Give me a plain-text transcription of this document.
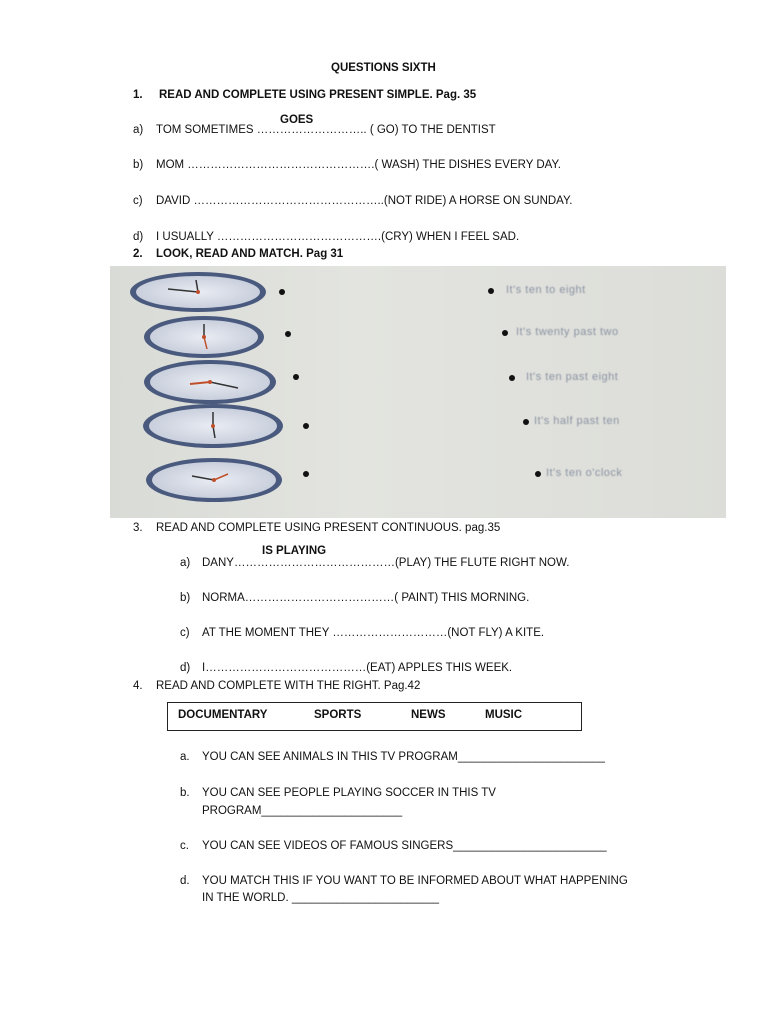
QUESTIONS SIXTH
1. READ AND COMPLETE USING PRESENT SIMPLE. Pag. 35
GOES
a) TOM SOMETIMES ……………………….. ( GO) TO THE DENTIST
b) MOM ………………………………………….( WASH) THE DISHES EVERY DAY.
c) DAVID …………………………………………..(NOT RIDE) A HORSE ON SUNDAY.
d) I USUALLY …………………………………….(CRY) WHEN I FEEL SAD.
2. LOOK, READ AND MATCH. Pag 31
It's ten to eight
It's twenty past two
It's ten past eight
It's half past ten
It's ten o'clock
3. READ AND COMPLETE USING PRESENT CONTINUOUS. pag.35
IS PLAYING
a) DANY……………………………………(PLAY) THE FLUTE RIGHT NOW.
b) NORMA…………………………………( PAINT) THIS MORNING.
c) AT THE MOMENT THEY …………………………(NOT FLY) A KITE.
d) I……………………………………(EAT) APPLES THIS WEEK.
4. READ AND COMPLETE WITH THE RIGHT. Pag.42
DOCUMENTARY	SPORTS	NEWS	MUSIC
a. YOU CAN SEE ANIMALS IN THIS TV PROGRAM_______________________
b. YOU CAN SEE PEOPLE PLAYING SOCCER IN THIS TV
PROGRAM______________________
c. YOU CAN SEE VIDEOS OF FAMOUS SINGERS________________________
d. YOU MATCH THIS IF YOU WANT TO BE INFORMED ABOUT WHAT HAPPENING
IN THE WORLD. _______________________
